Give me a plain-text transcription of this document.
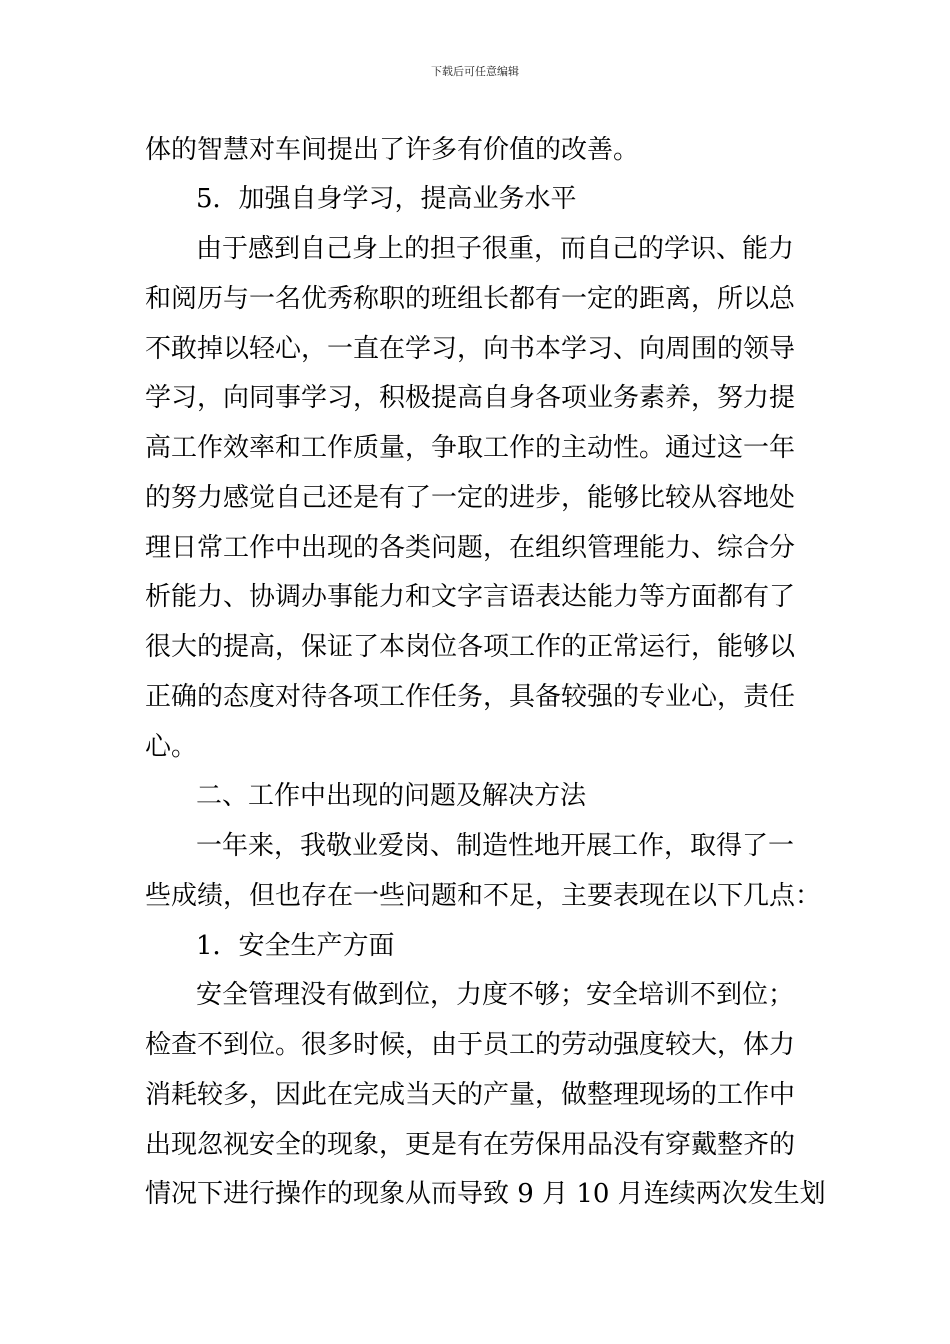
下载后可任意编辑
体的智慧对车间提出了许多有价值的改善。
5．加强自身学习，提高业务水平
由于感到自己身上的担子很重，而自己的学识、能力
和阅历与一名优秀称职的班组长都有一定的距离，所以总
不敢掉以轻心，一直在学习，向书本学习、向周围的领导
学习，向同事学习，积极提高自身各项业务素养，努力提
高工作效率和工作质量，争取工作的主动性。通过这一年
的努力感觉自己还是有了一定的进步，能够比较从容地处
理日常工作中出现的各类问题，在组织管理能力、综合分
析能力、协调办事能力和文字言语表达能力等方面都有了
很大的提高，保证了本岗位各项工作的正常运行，能够以
正确的态度对待各项工作任务，具备较强的专业心，责任
心。
二、工作中出现的问题及解决方法
一年来，我敬业爱岗、制造性地开展工作，取得了一
些成绩，但也存在一些问题和不足，主要表现在以下几点：
1．安全生产方面
安全管理没有做到位，力度不够；安全培训不到位；
检查不到位。很多时候，由于员工的劳动强度较大，体力
消耗较多，因此在完成当天的产量，做整理现场的工作中
出现忽视安全的现象，更是有在劳保用品没有穿戴整齐的
情况下进行操作的现象从而导致 9 月 10 月连续两次发生划
